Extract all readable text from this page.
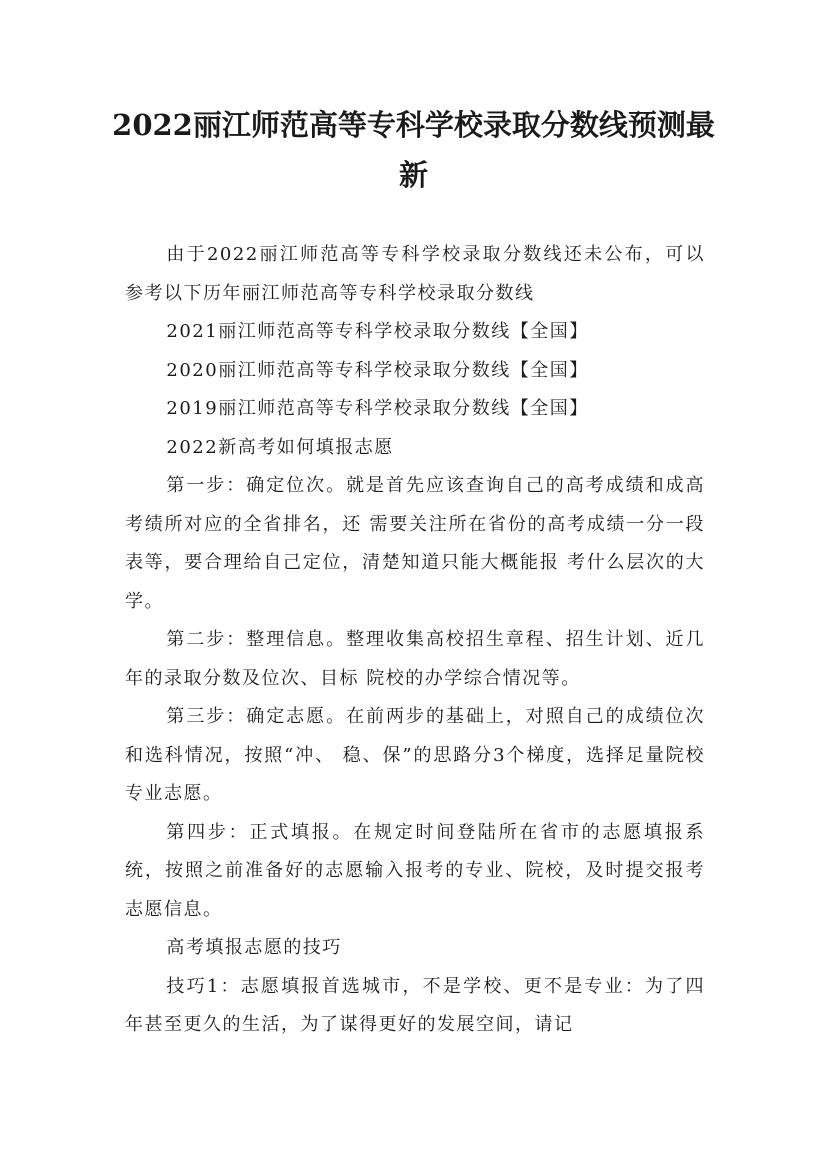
2022丽江师范高等专科学校录取分数线预测最新

由于2022丽江师范高等专科学校录取分数线还未公布，可以参考以下历年丽江师范高等专科学校录取分数线

2021丽江师范高等专科学校录取分数线【全国】

2020丽江师范高等专科学校录取分数线【全国】

2019丽江师范高等专科学校录取分数线【全国】

2022新高考如何填报志愿

第一步：确定位次。就是首先应该查询自己的高考成绩和成高考绩所对应的全省排名，还 需要关注所在省份的高考成绩一分一段表等，要合理给自己定位，清楚知道只能大概能报 考什么层次的大学。

第二步：整理信息。整理收集高校招生章程、招生计划、近几年的录取分数及位次、目标 院校的办学综合情况等。

第三步：确定志愿。在前两步的基础上，对照自己的成绩位次和选科情况，按照“冲、 稳、保”的思路分3个梯度，选择足量院校专业志愿。

第四步：正式填报。在规定时间登陆所在省市的志愿填报系统，按照之前准备好的志愿输入报考的专业、院校，及时提交报考志愿信息。

高考填报志愿的技巧

技巧1：志愿填报首选城市，不是学校、更不是专业：为了四年甚至更久的生活，为了谋得更好的发展空间，请记
